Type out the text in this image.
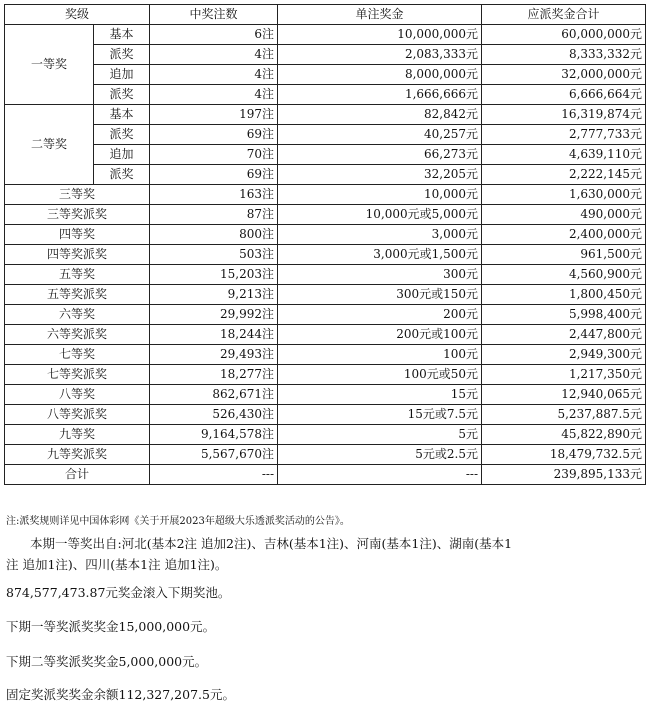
奖级		中奖注数	单注奖金	应派奖金合计
一等奖	基本	6注	10,000,000元	60,000,000元
	派奖	4注	2,083,333元	8,333,332元
	追加	4注	8,000,000元	32,000,000元
	派奖	4注	1,666,666元	6,666,664元
二等奖	基本	197注	82,842元	16,319,874元
	派奖	69注	40,257元	2,777,733元
	追加	70注	66,273元	4,639,110元
	派奖	69注	32,205元	2,222,145元
三等奖		163注	10,000元	1,630,000元
三等奖派奖		87注	10,000元或5,000元	490,000元
四等奖		800注	3,000元	2,400,000元
四等奖派奖		503注	3,000元或1,500元	961,500元
五等奖		15,203注	300元	4,560,900元
五等奖派奖		9,213注	300元或150元	1,800,450元
六等奖		29,992注	200元	5,998,400元
六等奖派奖		18,244注	200元或100元	2,447,800元
七等奖		29,493注	100元	2,949,300元
七等奖派奖		18,277注	100元或50元	1,217,350元
八等奖		862,671注	15元	12,940,065元
八等奖派奖		526,430注	15元或7.5元	5,237,887.5元
九等奖		9,164,578注	5元	45,822,890元
九等奖派奖		5,567,670注	5元或2.5元	18,479,732.5元
合计		---	---	239,895,133元
注:派奖规则详见中国体彩网《关于开展2023年超级大乐透派奖活动的公告》。
本期一等奖出自:河北(基本2注 追加2注)、吉林(基本1注)、河南(基本1注)、湖南(基本1
注 追加1注)、四川(基本1注 追加1注)。
874,577,473.87元奖金滚入下期奖池。
下期一等奖派奖奖金15,000,000元。
下期二等奖派奖奖金5,000,000元。
固定奖派奖奖金余额112,327,207.5元。
